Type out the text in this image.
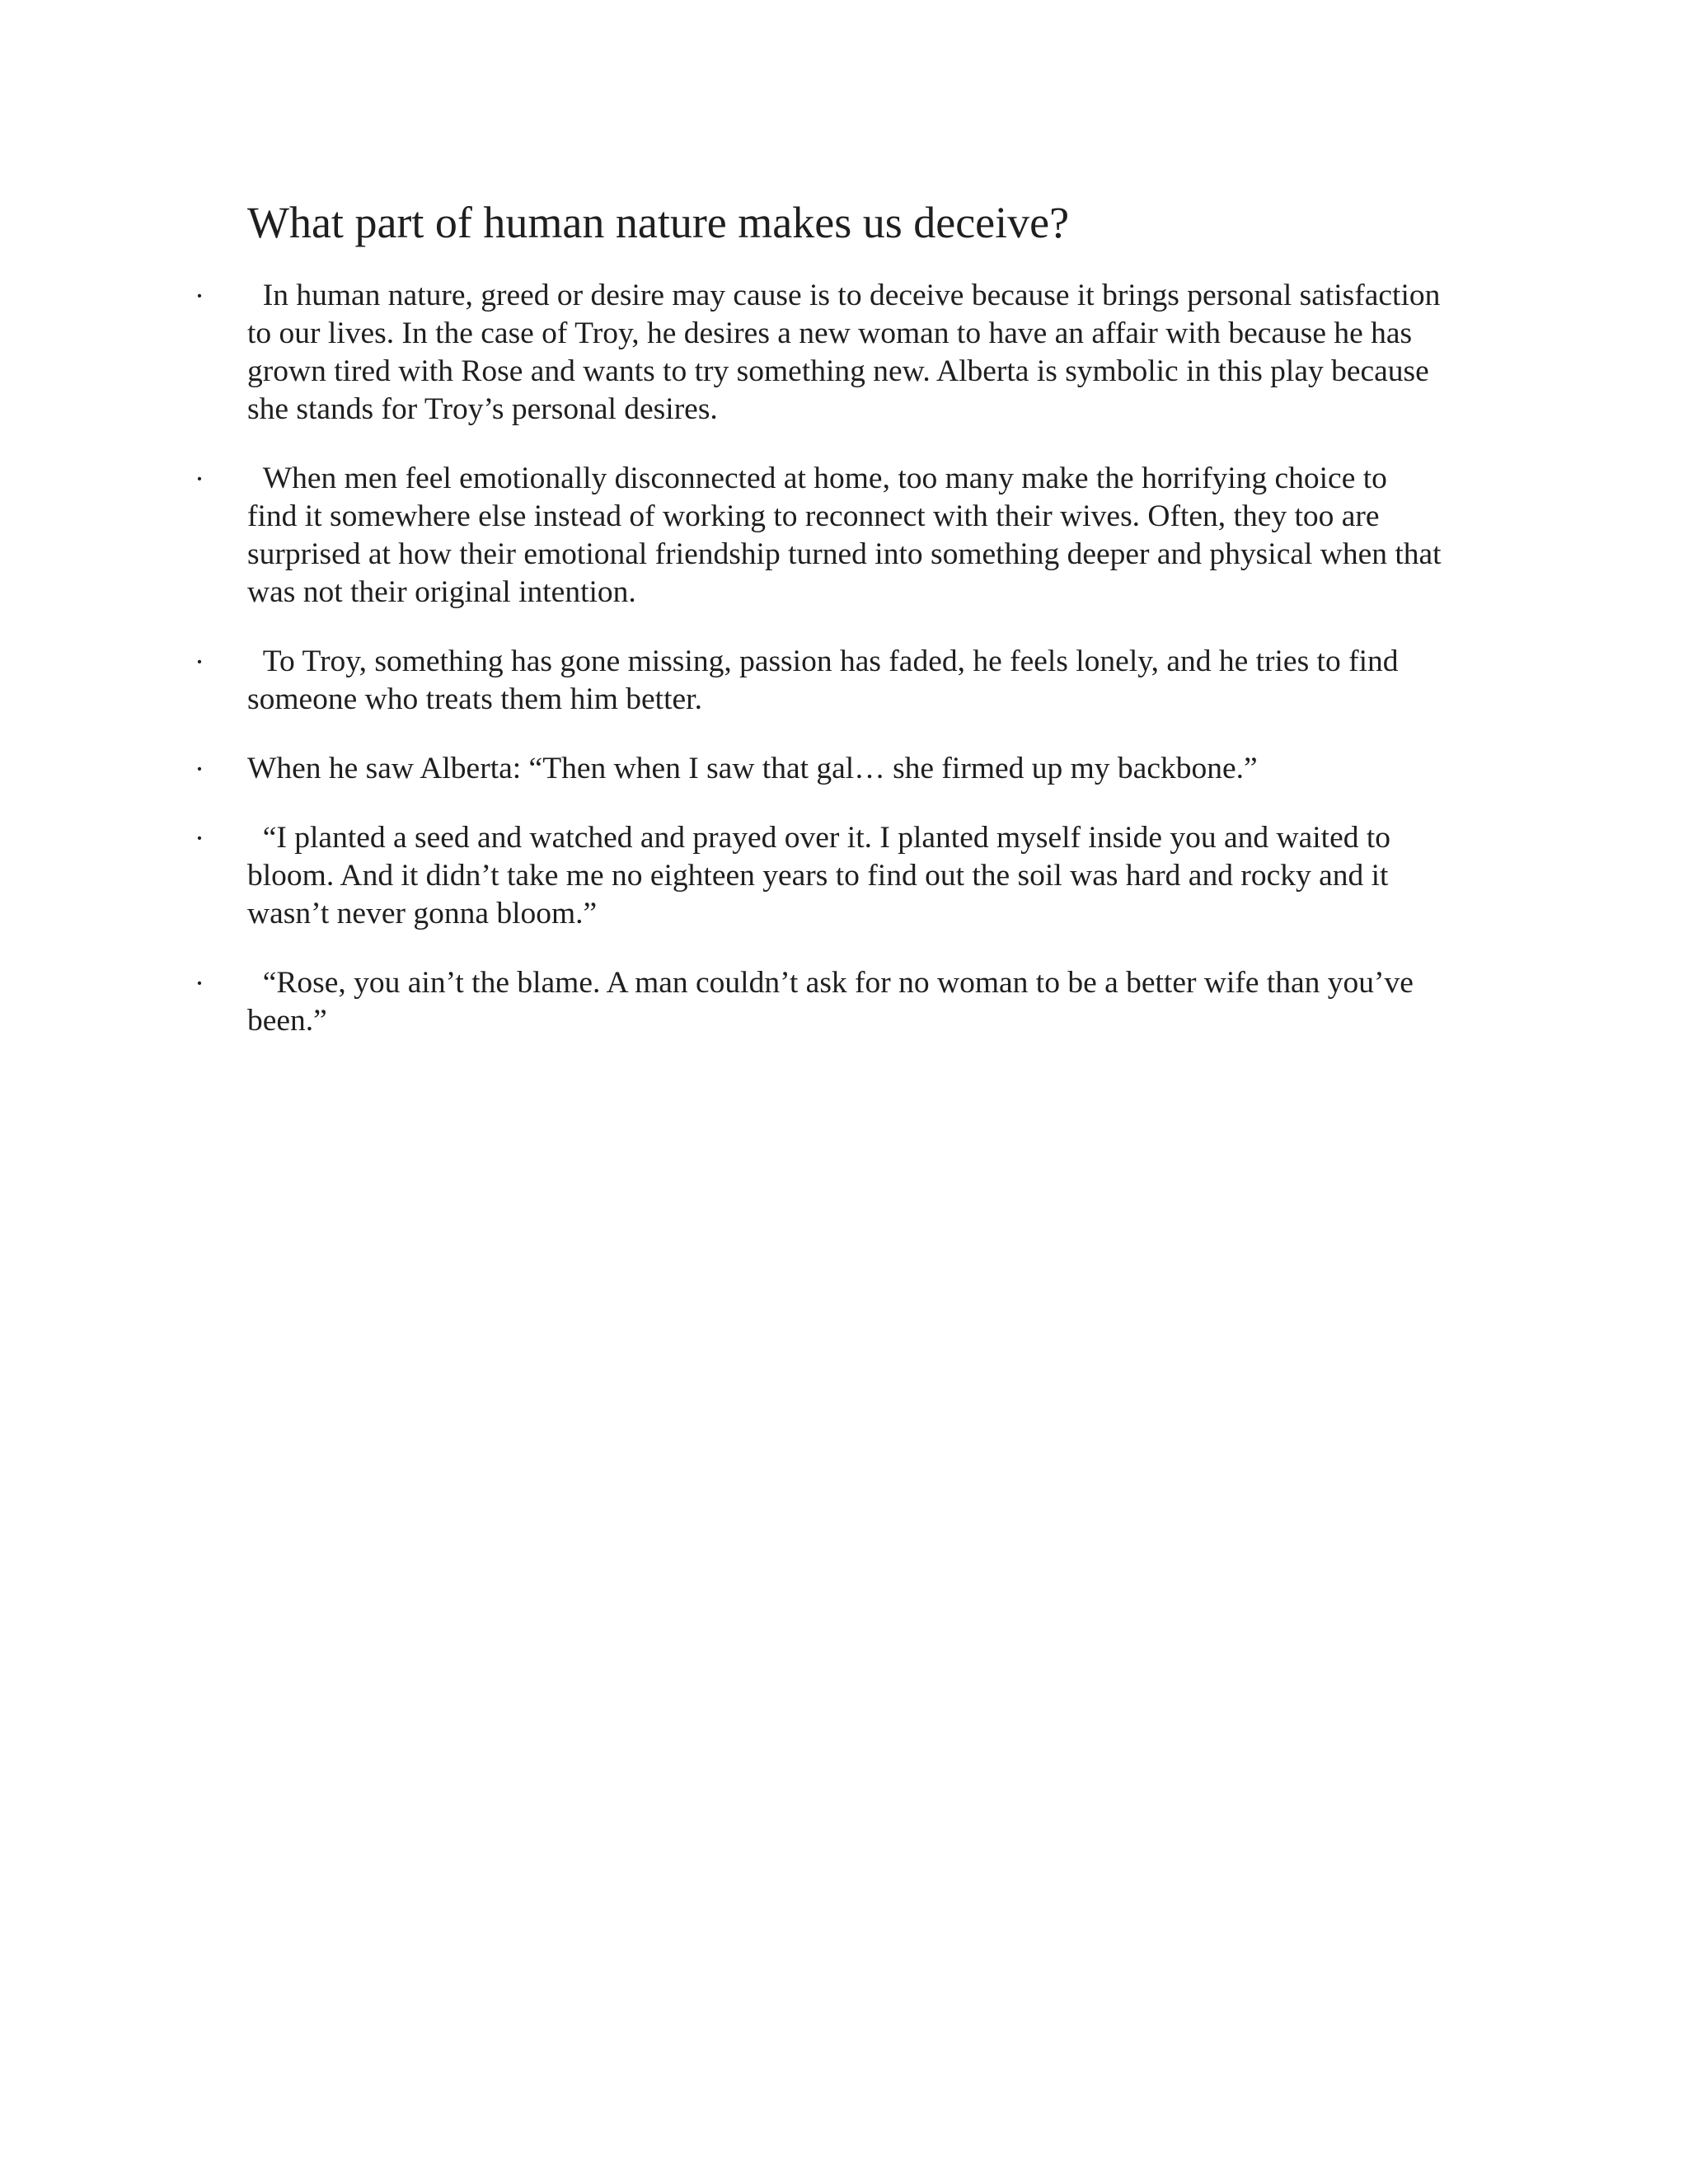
What part of human nature makes us deceive?
· In human nature, greed or desire may cause is to deceive because it brings personal satisfaction to our lives. In the case of Troy, he desires a new woman to have an affair with because he has grown tired with Rose and wants to try something new. Alberta is symbolic in this play because she stands for Troy’s personal desires.
· When men feel emotionally disconnected at home, too many make the horrifying choice to find it somewhere else instead of working to reconnect with their wives. Often, they too are surprised at how their emotional friendship turned into something deeper and physical when that was not their original intention.
· To Troy, something has gone missing, passion has faded, he feels lonely, and he tries to find someone who treats them him better.
· When he saw Alberta: “Then when I saw that gal… she firmed up my backbone.”
· “I planted a seed and watched and prayed over it. I planted myself inside you and waited to bloom. And it didn’t take me no eighteen years to find out the soil was hard and rocky and it wasn’t never gonna bloom.”
· “Rose, you ain’t the blame. A man couldn’t ask for no woman to be a better wife than you’ve been.”
